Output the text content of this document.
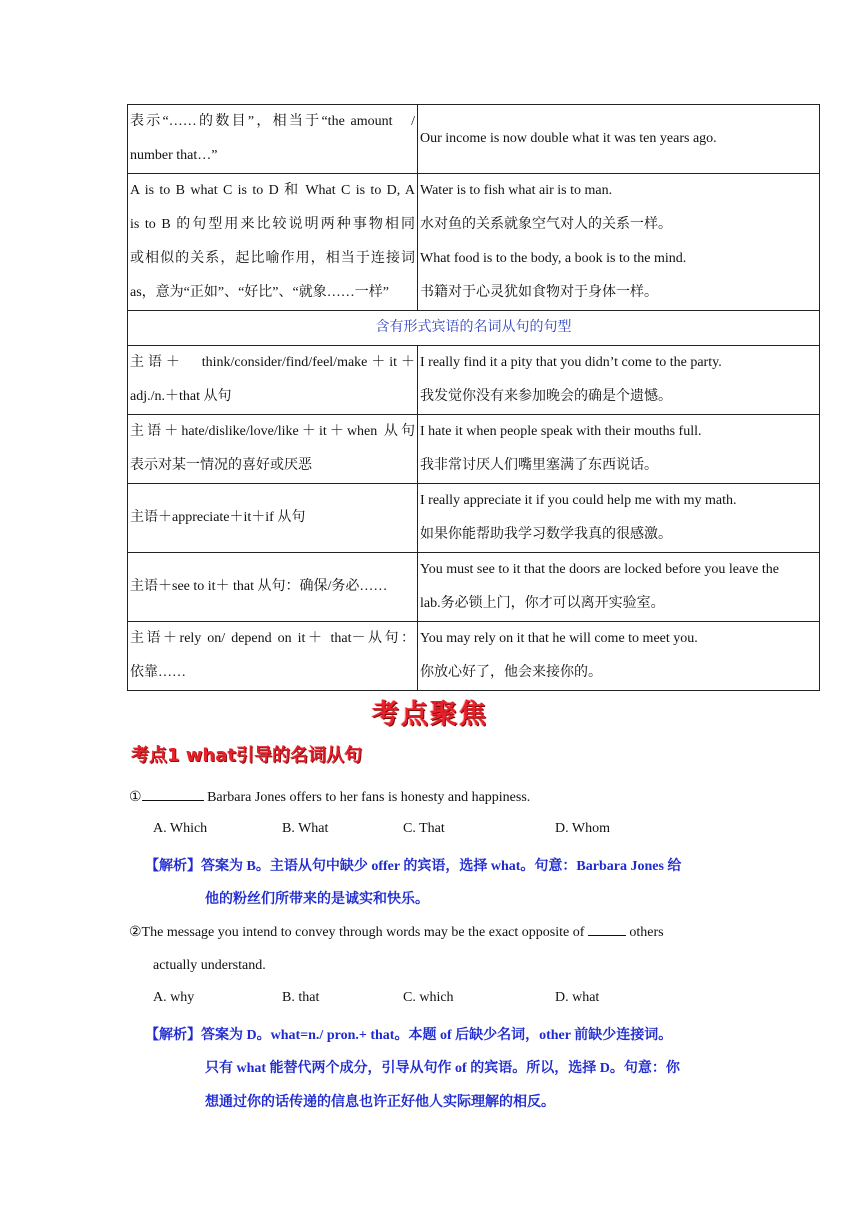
表示“……的数目”，相当于“the amount　/
number that…”	Our income is now double what it was ten years ago.

A is to B what C is to D 和 What C is to D, A
is to B 的句型用来比较说明两种事物相同
或相似的关系，起比喻作用，相当于连接词
as，意为“正如”、“好比”、“就象……一样”	Water is to fish what air is to man.
水对鱼的关系就象空气对人的关系一样。
What food is to the body, a book is to the mind.
书籍对于心灵犹如食物对于身体一样。

含有形式宾语的名词从句的句型	

主语＋　think/consider/find/feel/make＋it＋
adj./n.＋that 从句	I really find it a pity that you didn’t come to the party.
我发觉你没有来参加晚会的确是个遗憾。

主语＋hate/dislike/love/like＋it＋when 从句
表示对某一情况的喜好或厌恶	I hate it when people speak with their mouths full.
我非常讨厌人们嘴里塞满了东西说话。

主语＋appreciate＋it＋if 从句	I really appreciate it if you could help me with my math.
如果你能帮助我学习数学我真的很感激。

主语＋see to it＋ that 从句：确保/务必……	You must see to it that the doors are locked before you leave the
lab.务必锁上门，你才可以离开实验室。

主语＋rely on/ depend on it＋ that－从句：
依靠……	You may rely on it that he will come to meet you.
你放心好了，他会来接你的。
考点聚焦
考点1 what引导的名词从句
①	Barbara Jones offers to her fans is honesty and happiness.
A. Which	B. What	C. That	D. Whom
【解析】答案为 B。主语从句中缺少 offer 的宾语，选择 what。句意：Barbara Jones 给
他的粉丝们所带来的是诚实和快乐。
②The message you intend to convey through words may be the exact opposite of	others
actually understand.
A. why	B. that	C. which	D. what
【解析】答案为 D。what=n./ pron.+ that。本题 of 后缺少名词，other 前缺少连接词。
只有 what 能替代两个成分，引导从句作 of 的宾语。所以，选择 D。句意：你
想通过你的话传递的信息也许正好他人实际理解的相反。
